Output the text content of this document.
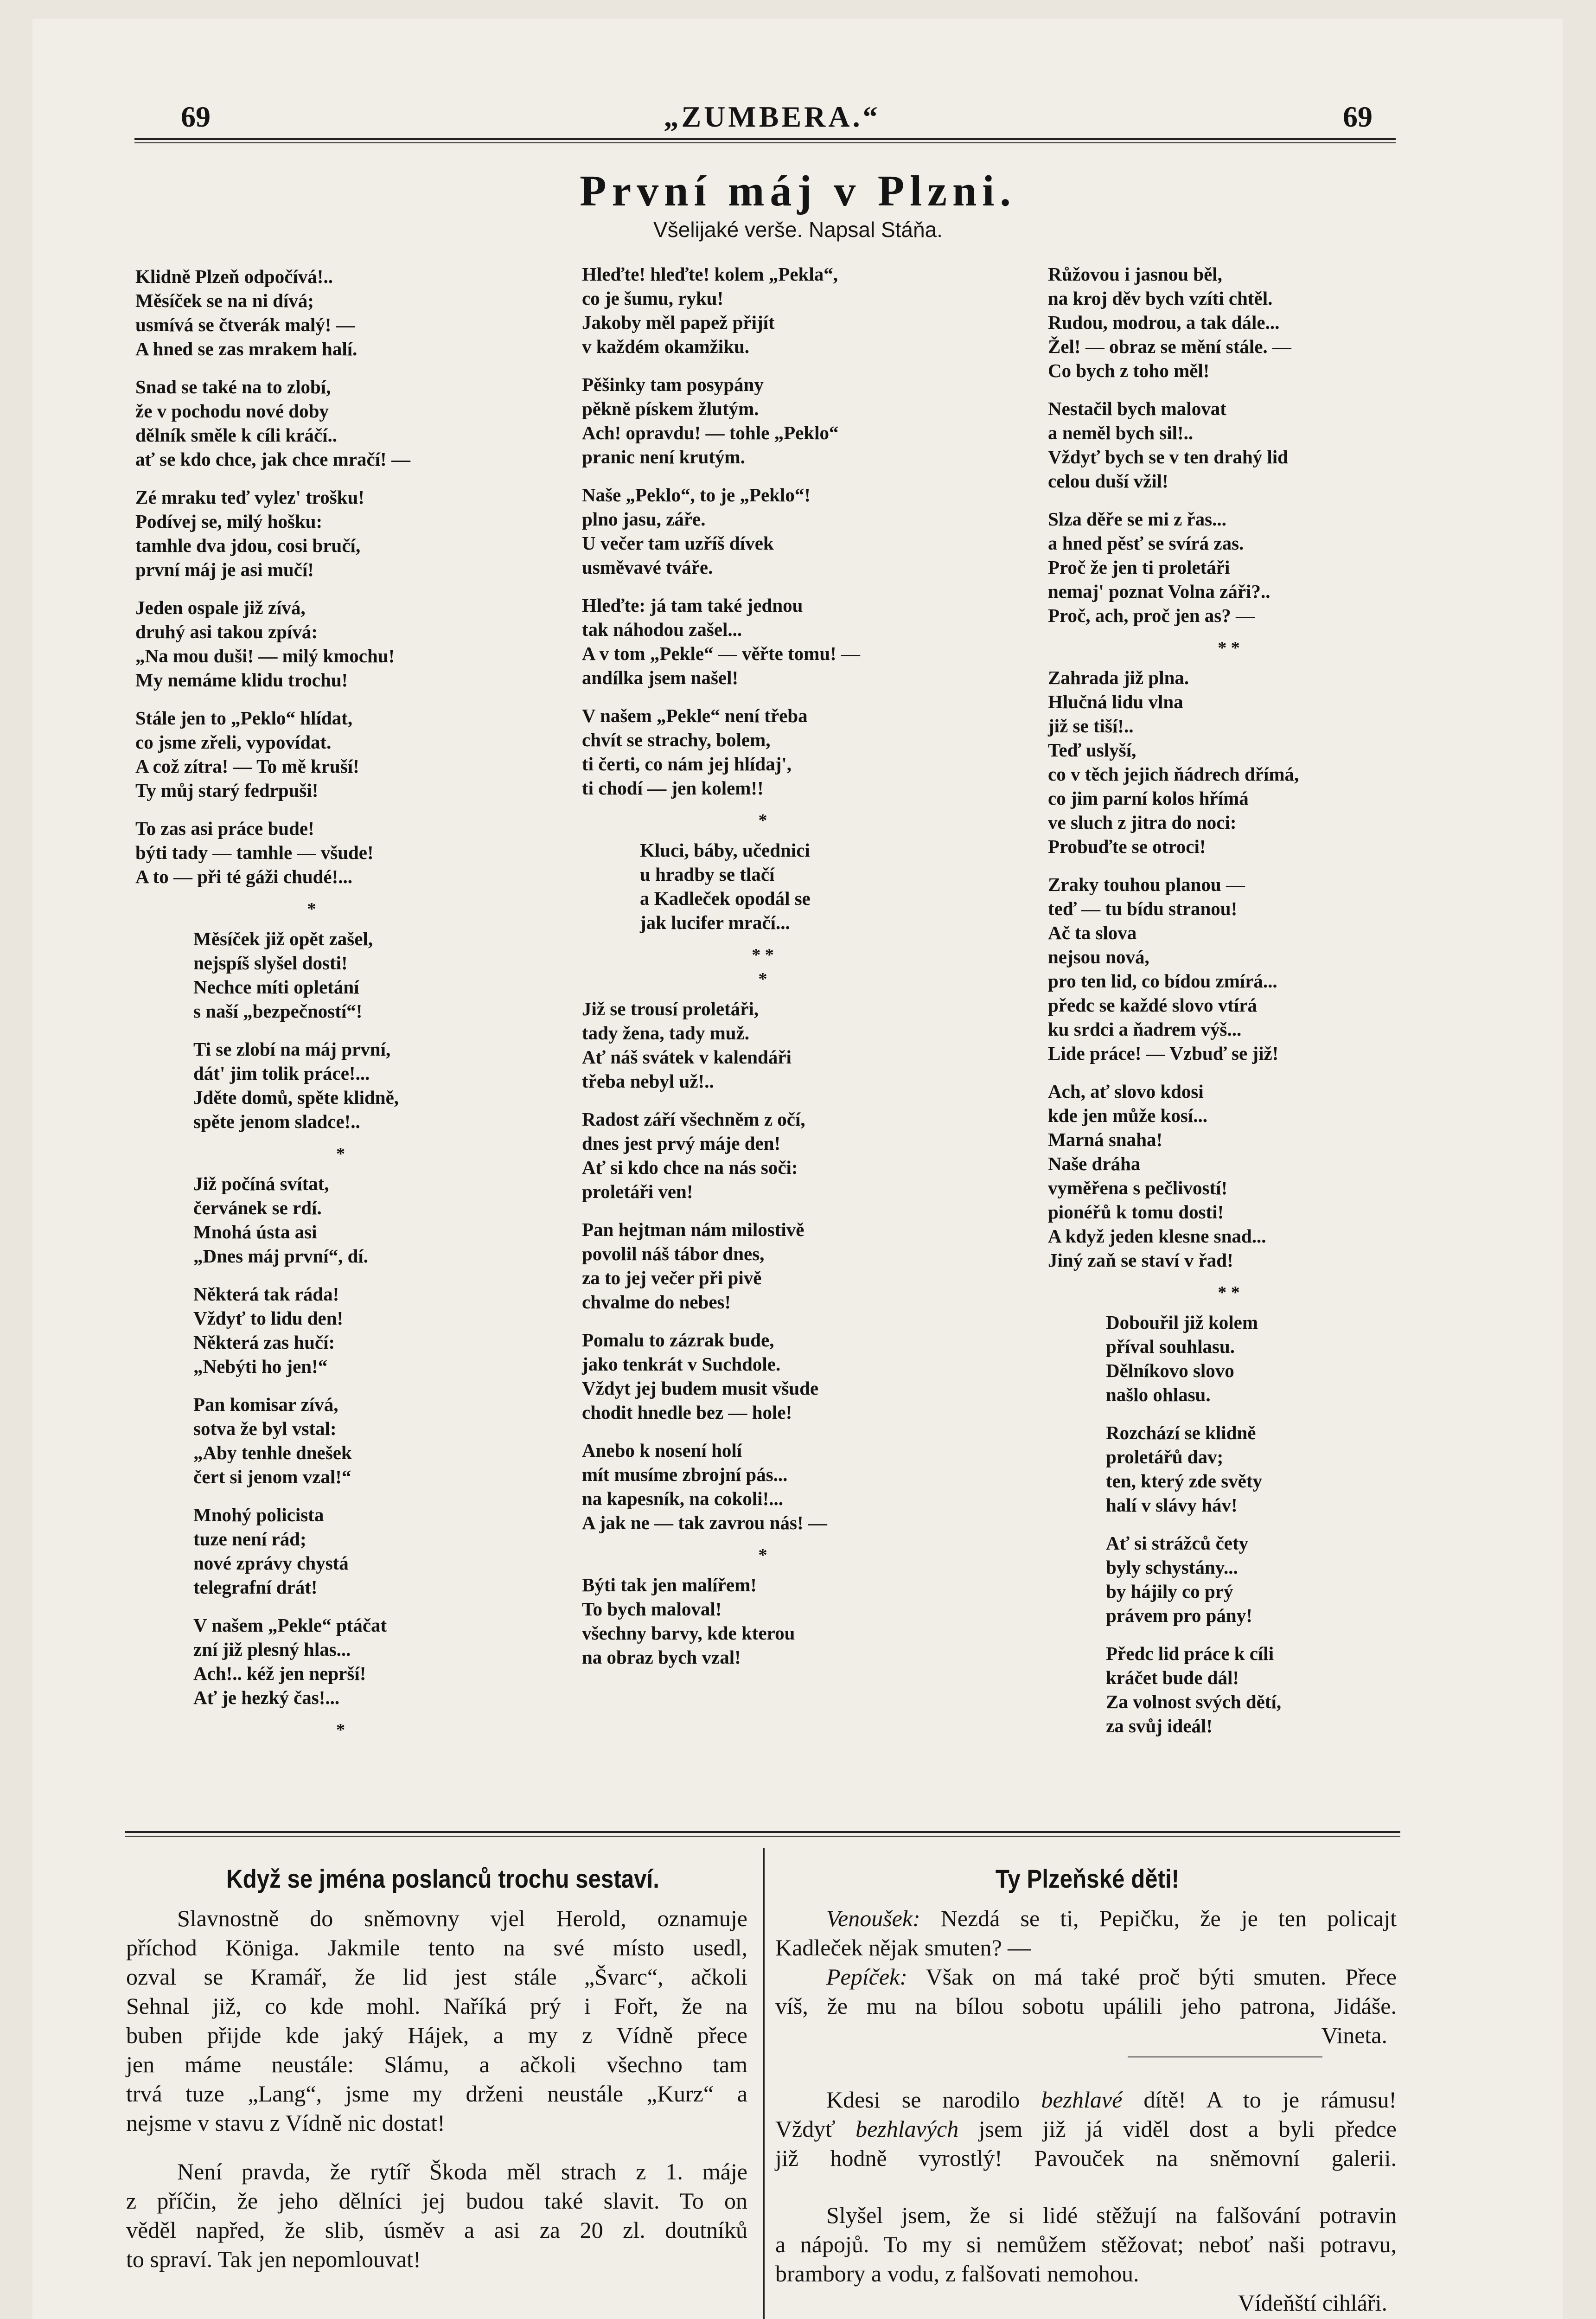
69	„ZUMBERA.“	69
První máj v Plzni.
Všelijaké verše. Napsal Stáňa.
Klidně Plzeň odpočívá!..
Měsíček se na ni dívá;
usmívá se čtverák malý! —
A hned se zas mrakem halí.
Snad se také na to zlobí,
že v pochodu nové doby
dělník směle k cíli kráčí..
ať se kdo chce, jak chce mračí! —
Zé mraku teď vylez' trošku!
Podívej se, milý hošku:
tamhle dva jdou, cosi bručí,
první máj je asi mučí!
Jeden ospale již zívá,
druhý asi takou zpívá:
„Na mou duši! — milý kmochu!
My nemáme klidu trochu!
Stále jen to „Peklo“ hlídat,
co jsme zřeli, vypovídat.
A což zítra! — To mě kruší!
Ty můj starý fedrpuši!
To zas asi práce bude!
býti tady — tamhle — všude!
A to — při té gáži chudé!...
*
Měsíček již opět zašel,
nejspíš slyšel dosti!
Nechce míti opletání
s naší „bezpečností“!
Ti se zlobí na máj první,
dát' jim tolik práce!...
Jděte domů, spěte klidně,
spěte jenom sladce!..
*
Již počíná svítat,
červánek se rdí.
Mnohá ústa asi
„Dnes máj první“, dí.
Některá tak ráda!
Vždyť to lidu den!
Některá zas hučí:
„Nebýti ho jen!“
Pan komisar zívá,
sotva že byl vstal:
„Aby tenhle dnešek
čert si jenom vzal!“
Mnohý policista
tuze není rád;
nové zprávy chystá
telegrafní drát!
V našem „Pekle“ ptáčat
zní již plesný hlas...
Ach!.. kéž jen neprší!
Ať je hezký čas!...
*
Hleďte! hleďte! kolem „Pekla“,
co je šumu, ryku!
Jakoby měl papež přijít
v každém okamžiku.
Pěšinky tam posypány
pěkně pískem žlutým.
Ach! opravdu! — tohle „Peklo“
pranic není krutým.
Naše „Peklo“, to je „Peklo“!
plno jasu, záře.
U večer tam uzříš dívek
usměvavé tváře.
Hleďte: já tam také jednou
tak náhodou zašel...
A v tom „Pekle“ — věřte tomu! —
andílka jsem našel!
V našem „Pekle“ není třeba
chvít se strachy, bolem,
ti čerti, co nám jej hlídaj',
ti chodí — jen kolem!!
*
Kluci, báby, učednici
u hradby se tlačí
a Kadleček opodál se
jak lucifer mračí...
* *
*
Již se trousí proletáři,
tady žena, tady muž.
Ať náš svátek v kalendáři
třeba nebyl už!..
Radost září všechněm z očí,
dnes jest prvý máje den!
Ať si kdo chce na nás soči:
proletáři ven!
Pan hejtman nám milostivě
povolil náš tábor dnes,
za to jej večer při pivě
chvalme do nebes!
Pomalu to zázrak bude,
jako tenkrát v Suchdole.
Vždyt jej budem musit všude
chodit hnedle bez — hole!
Anebo k nosení holí
mít musíme zbrojní pás...
na kapesník, na cokoli!...
A jak ne — tak zavrou nás! —
*
Býti tak jen malířem!
To bych maloval!
všechny barvy, kde kterou
na obraz bych vzal!
Růžovou i jasnou běl,
na kroj děv bych vzíti chtěl.
Rudou, modrou, a tak dále...
Žel! — obraz se mění stále. —
Co bych z toho měl!
Nestačil bych malovat
a neměl bych sil!..
Vždyť bych se v ten drahý lid
celou duší vžil!
Slza děře se mi z řas...
a hned pěsť se svírá zas.
Proč že jen ti proletáři
nemaj' poznat Volna záři?..
Proč, ach, proč jen as? —
* *
Zahrada již plna.
Hlučná lidu vlna
již se tiší!..
Teď uslyší,
co v těch jejich ňádrech dřímá,
co jim parní kolos hřímá
ve sluch z jitra do noci:
Probuďte se otroci!
Zraky touhou planou —
teď — tu bídu stranou!
Ač ta slova
nejsou nová,
pro ten lid, co bídou zmírá...
předc se každé slovo vtírá
ku srdci a ňadrem výš...
Lide práce! — Vzbuď se již!
Ach, ať slovo kdosi
kde jen může kosí...
Marná snaha!
Naše dráha
vyměřena s pečlivostí!
pionéřů k tomu dosti!
A když jeden klesne snad...
Jiný zaň se staví v řad!
* *
Dobouřil již kolem
příval souhlasu.
Dělníkovo slovo
našlo ohlasu.
Rozchází se klidně
proletářů dav;
ten, který zde světy
halí v slávy háv!
Ať si strážců čety
byly schystány...
by hájily co prý
právem pro pány!
Předc lid práce k cíli
kráčet bude dál!
Za volnost svých dětí,
za svůj ideál!
Když se jména poslanců trochu sestaví.
Slavnostně do sněmovny vjel Herold, oznamuje
příchod Königa. Jakmile tento na své místo usedl,
ozval se Kramář, že lid jest stále „Švarc“, ačkoli
Sehnal již, co kde mohl. Naříká prý i Fořt, že na
buben přijde kde jaký Hájek, a my z Vídně přece
jen máme neustále: Slámu, a ačkoli všechno tam
trvá tuze „Lang“, jsme my drženi neustále „Kurz“ a
nejsme v stavu z Vídně nic dostat!
Není pravda, že rytíř Škoda měl strach z 1. máje
z příčin, že jeho dělníci jej budou také slavit. To on
věděl napřed, že slib, úsměv a asi za 20 zl. doutníků
to spraví. Tak jen nepomlouvat!
Ty Plzeňské děti!
Venoušek: Nezdá se ti, Pepičku, že je ten policajt
Kadleček nějak smuten? —
Pepíček: Však on má také proč býti smuten. Přece
víš, že mu na bílou sobotu upálili jeho patrona, Jidáše.
Vineta.
Kdesi se narodilo bezhlavé dítě! A to je rámusu!
Vždyť bezhlavých jsem již já viděl dost a byli předce
již hodně vyrostlý! Pavouček na sněmovní galerii.
Slyšel jsem, že si lidé stěžují na falšování potravin
a nápojů. To my si nemůžem stěžovat; neboť naši potravu,
brambory a vodu, z falšovati nemohou.
Vídeňští cihláři.
